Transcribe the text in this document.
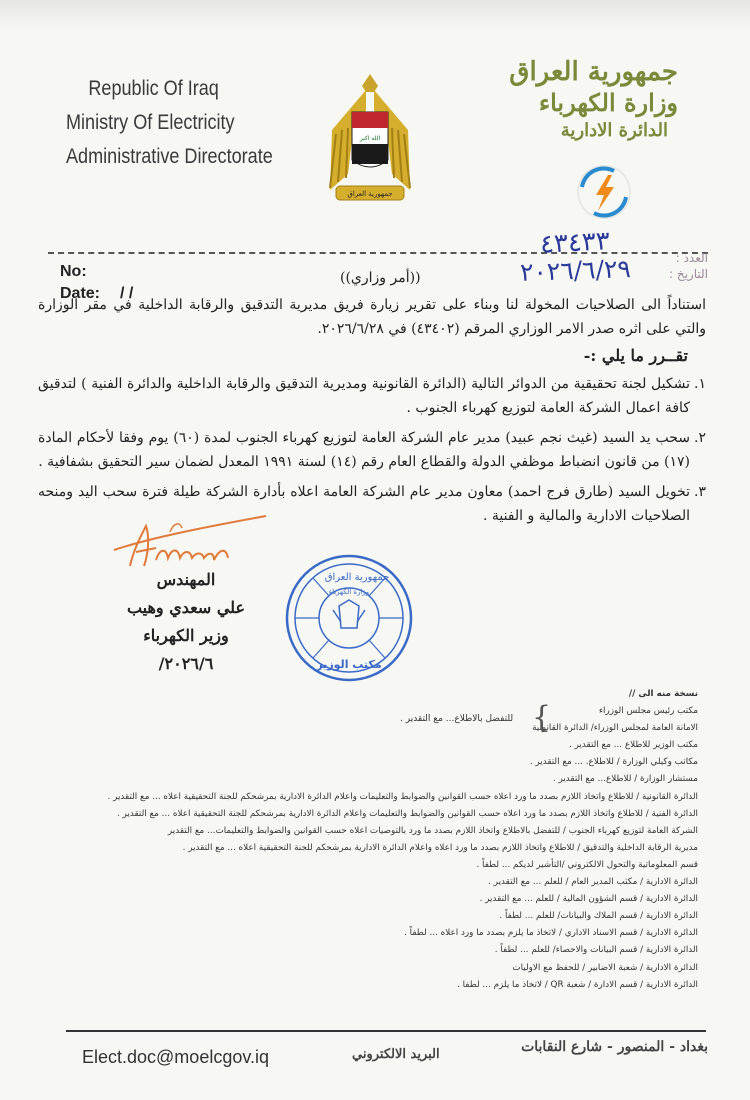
Republic Of Iraq
Ministry Of Electricity
Administrative Directorate
الله اكبر
جمهورية العراق
جمهورية العراق
وزارة الكهرباء
الدائرة الادارية
No:
Date: / /
العدد :
التاريخ :
٤٣٤٣٣
٢٠٢٦/٦/٢٩
((أمر وزاري))
استناداً الى الصلاحيات المخولة لنا وبناء على تقرير زيارة فريق مديرية التدقيق والرقابة الداخلية في مقر الوزارة والتي على اثره صدر الامر الوزاري المرقم (٤٣٤٠٢) في ٢٠٢٦/٦/٢٨.
تقــرر ما يلي :-
١.
تشكيل لجنة تحقيقية من الدوائر التالية (الدائرة القانونية ومديرية التدقيق والرقابة الداخلية والدائرة الفنية ) لتدقيق كافة اعمال الشركة العامة لتوزيع كهرباء الجنوب .
٢.
سحب يد السيد (غيث نجم عبيد) مدير عام الشركة العامة لتوزيع كهرباء الجنوب لمدة (٦٠) يوم وفقا لأحكام المادة (١٧) من قانون انضباط موظفي الدولة والقطاع العام رقم (١٤) لسنة ١٩٩١ المعدل لضمان سير التحقيق بشفافية .
٣.
تخويل السيد (طارق فرج احمد) معاون مدير عام الشركة العامة اعلاه بأدارة الشركة طيلة فترة سحب اليد ومنحه الصلاحيات الادارية والمالية و الفنية .
المهندس
علي سعدي وهيب
وزير الكهرباء
٢٠٢٦/٦/
جمهورية العراق
وزارة الكهرباء
مكتب الوزير
نسخة منه الى //
مكتب رئيس مجلس الوزراء
الامانة العامة لمجلس الوزراء/ الدائرة القانونية
مكتب الوزير للاطلاع ... مع التقدير .
مكاتب وكيلي الوزارة / للاطلاع. ... مع التقدير .
مستشار الوزارة / للاطلاع... مع التقدير .
الدائرة القانونية / للاطلاع واتخاذ اللازم بصدد ما ورد اعلاه حسب القوانين والضوابط والتعليمات واعلام الدائرة الادارية بمرشحكم للجنة التحقيقية اعلاه ... مع التقدير .
الدائرة الفنية / للاطلاع واتخاذ اللازم بصدد ما ورد اعلاه حسب القوانين والضوابط والتعليمات واعلام الدائرة الادارية بمرشحكم للجنة التحقيقية اعلاه ... مع التقدير .
الشركة العامة لتوزيع كهرباء الجنوب / للتفضل بالاطلاع واتخاذ اللازم بصدد ما ورد بالتوصيات اعلاه حسب القوانين والضوابط والتعليمات... مع التقدير
مديرية الرقابة الداخلية والتدقيق / للاطلاع واتخاذ اللازم بصدد ما ورد اعلاه واعلام الدائرة الادارية بمرشحكم للجنة التحقيقية اعلاه ... مع التقدير .
قسم المعلوماتية والتحول الالكتروني /التأشير لديكم ... لطفاً .
الدائرة الادارية / مكتب المدير العام / للعلم ... مع التقدير .
الدائرة الادارية / قسم الشؤون المالية / للعلم ... مع التقدير .
الدائرة الادارية / قسم الملاك والبيانات/ للعلم ... لطفاً .
الدائرة الادارية / قسم الاسناد الاداري / لاتخاذ ما يلزم بصدد ما ورد اعلاه ... لطفاً .
الدائرة الادارية / قسم البيانات والاحصاء/ للعلم ... لطفاً .
الدائرة الادارية / شعبة الاضابير / للحفظ مع الاوليات
الدائرة الادارية / قسم الادارة / شعبة QR / لاتخاذ ما يلزم ... لطفا .
{
للتفضل بالاطلاع... مع التقدير .
Elect.doc@moelcgov.iq	البريد الالكتروني	بغداد - المنصور - شارع النقابات
